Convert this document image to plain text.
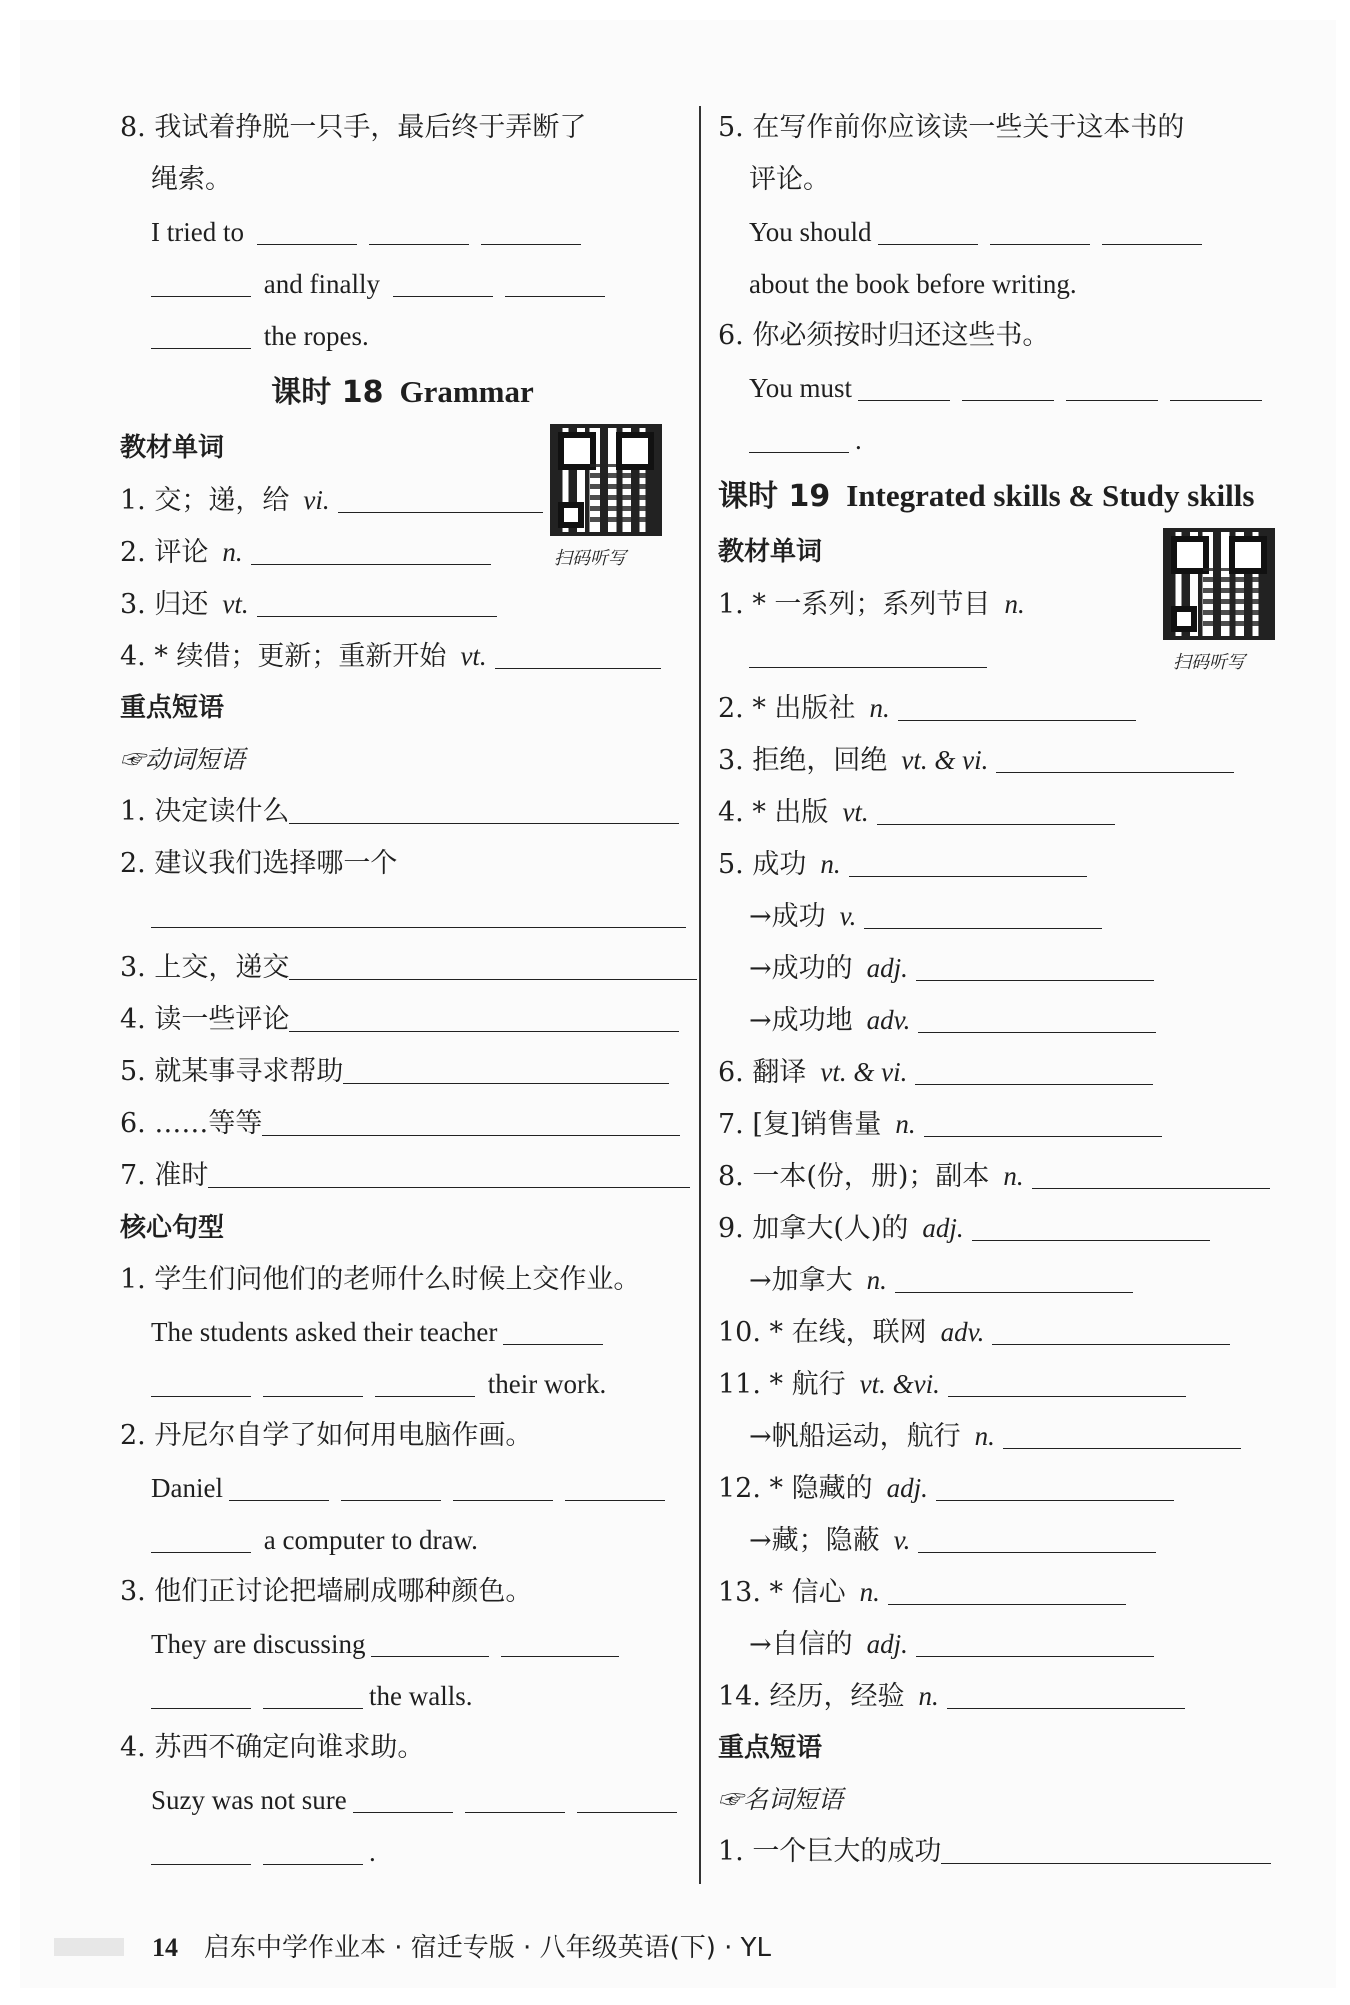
8. 我试着挣脱一只手，最后终于弄断了
绳索。
I tried to
and finally
the ropes.
课时 18 Grammar
扫码听写
教材单词
1. 交；递，给 vi.
2. 评论 n.
3. 归还 vt.
4. * 续借；更新；重新开始 vt.
重点短语
☞动词短语
1. 决定读什么
2. 建议我们选择哪一个
3. 上交，递交
4. 读一些评论
5. 就某事寻求帮助
6. ……等等
7. 准时
核心句型
1. 学生们问他们的老师什么时候上交作业。
The students asked their teacher
their work.
2. 丹尼尔自学了如何用电脑作画。
Daniel
a computer to draw.
3. 他们正讨论把墙刷成哪种颜色。
They are discussing
the walls.
4. 苏西不确定向谁求助。
Suzy was not sure
.
5. 在写作前你应该读一些关于这本书的
评论。
You should
about the book before writing.
6. 你必须按时归还这些书。
You must
.
课时 19 Integrated skills & Study skills
扫码听写
教材单词
1. * 一系列；系列节目 n.
2. * 出版社 n.
3. 拒绝，回绝 vt. & vi.
4. * 出版 vt.
5. 成功 n.
→成功 v.
→成功的 adj.
→成功地 adv.
6. 翻译 vt. & vi.
7. [复]销售量 n.
8. 一本(份，册)；副本 n.
9. 加拿大(人)的 adj.
→加拿大 n.
10. * 在线，联网 adv.
11. * 航行 vt. &vi.
→帆船运动，航行 n.
12. * 隐藏的 adj.
→藏；隐蔽 v.
13. * 信心 n.
→自信的 adj.
14. 经历，经验 n.
重点短语
☞名词短语
1. 一个巨大的成功
14 启东中学作业本 · 宿迁专版 · 八年级英语(下) · YL
